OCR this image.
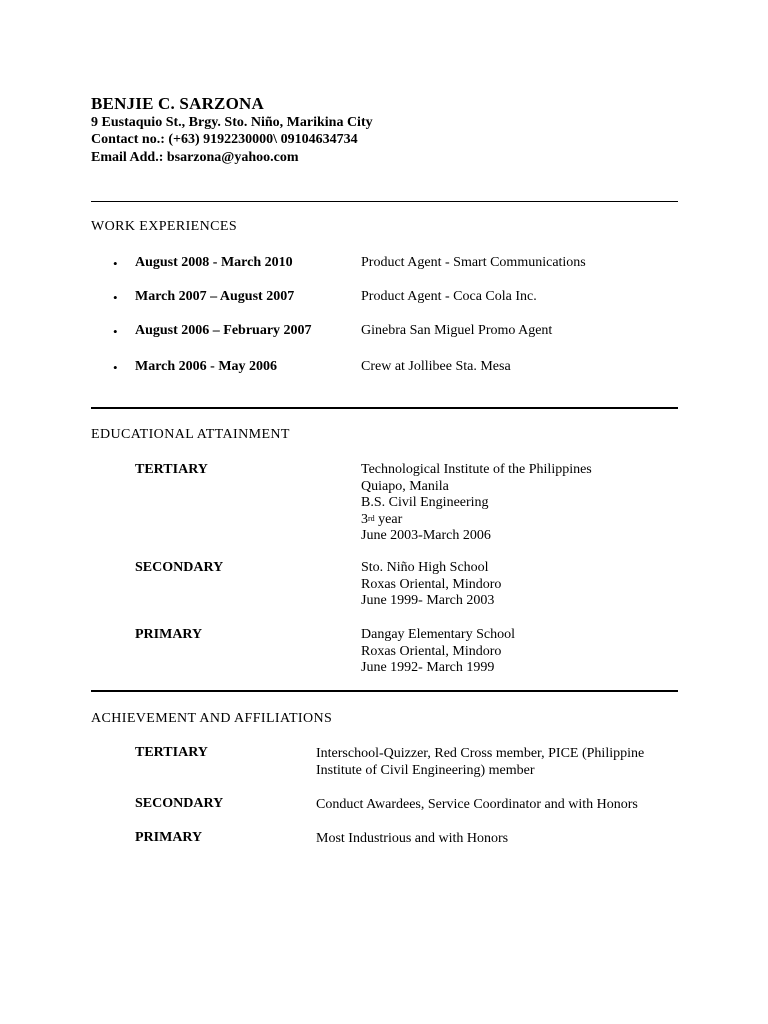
BENJIE C. SARZONA
9 Eustaquio St., Brgy. Sto. Niño, Marikina City
Contact no.: (+63) 9192230000\ 09104634734
Email Add.: bsarzona@yahoo.com
WORK EXPERIENCES
• August 2008 - March 2010	Product Agent - Smart Communications
• March 2007 – August 2007	Product Agent - Coca Cola Inc.
• August 2006 – February 2007	Ginebra San Miguel Promo Agent
• March 2006 - May 2006	Crew at Jollibee Sta. Mesa
EDUCATIONAL ATTAINMENT
TERTIARY	Technological Institute of the Philippines
Quiapo, Manila
B.S. Civil Engineering
3rd year
June 2003-March 2006
SECONDARY	Sto. Niño High School
Roxas Oriental, Mindoro
June 1999- March 2003
PRIMARY	Dangay Elementary School
Roxas Oriental, Mindoro
June 1992- March 1999
ACHIEVEMENT AND AFFILIATIONS
TERTIARY	Interschool-Quizzer, Red Cross member, PICE (Philippine
Institute of Civil Engineering) member
SECONDARY	Conduct Awardees, Service Coordinator and with Honors
PRIMARY	Most Industrious and with Honors
